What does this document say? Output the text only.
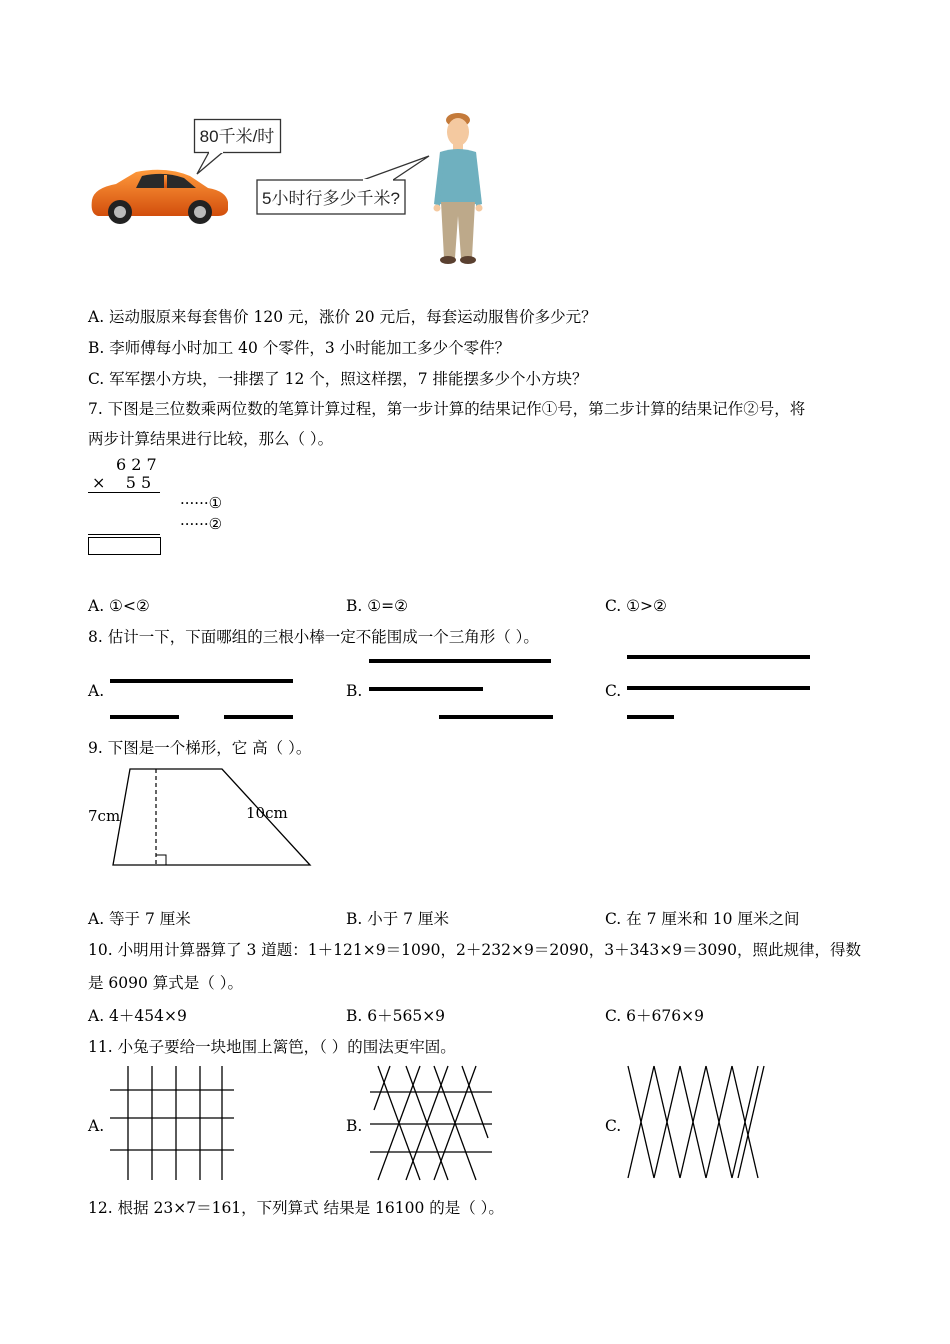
80千米/时
5小时行多少千米?
A. 运动服原来每套售价 120 元，涨价 20 元后，每套运动服售价多少元？
B. 李师傅每小时加工 40 个零件，3 小时能加工多少个零件？
C. 军军摆小方块，一排摆了 12 个，照这样摆，7 排能摆多少个小方块？
7. 下图是三位数乘两位数的笔算计算过程，第一步计算的结果记作①号，第二步计算的结果记作②号，将
两步计算结果进行比较，那么（ ）。
6 2 7
×    5 5
······①
······②
A. ①<②	B. ①=②	C. ①>②
8. 估计一下，下面哪组的三根小棒一定不能围成一个三角形（ ）。
A.	B.	C.
9. 下图是一个梯形，它 高（ ）。
7cm	10cm
A. 等于 7 厘米	B. 小于 7 厘米	C. 在 7 厘米和 10 厘米之间
10. 小明用计算器算了 3 道题：1＋121×9＝1090，2＋232×9＝2090，3＋343×9＝3090，照此规律，得数
是 6090 算式是（ ）。
A. 4＋454×9	B. 6＋565×9	C. 6＋676×9
11. 小兔子要给一块地围上篱笆，（ ）的围法更牢固。
A.	B.	C.
12. 根据 23×7＝161，下列算式 结果是 16100 的是（ ）。
